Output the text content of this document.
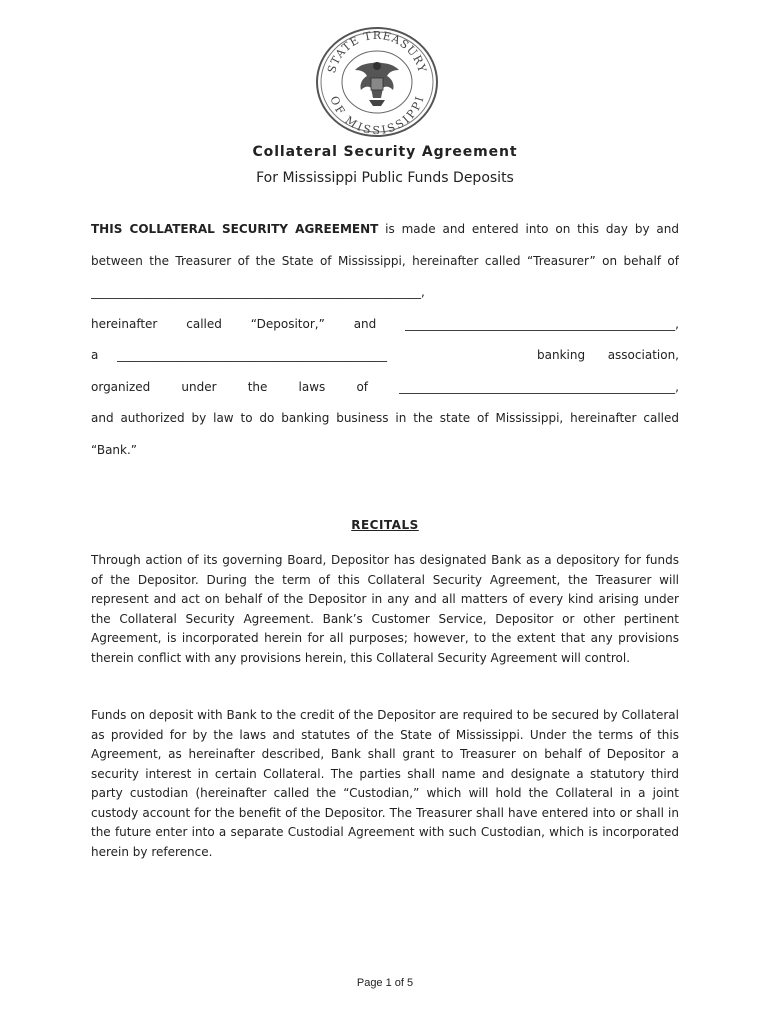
STATE TREASURY
OF MISSISSIPPI
Collateral Security Agreement
For Mississippi Public Funds Deposits
THIS COLLATERAL SECURITY AGREEMENT is made and entered into on this day by and
between the Treasurer of the State of Mississippi, hereinafter called “Treasurer” on behalf of
_______________________________________________________,
hereinafter called “Depositor,” and _____________________________________________,
a	_____________________________________________	banking association,
organized under the laws of ______________________________________________,
and authorized by law to do banking business in the state of Mississippi, hereinafter called
“Bank.”
RECITALS
Through action of its governing Board, Depositor has designated Bank as a depository for funds of the Depositor. During the term of this Collateral Security Agreement, the Treasurer will represent and act on behalf of the Depositor in any and all matters of every kind arising under the Collateral Security Agreement. Bank’s Customer Service, Depositor or other pertinent Agreement, is incorporated herein for all purposes; however, to the extent that any provisions therein conflict with any provisions herein, this Collateral Security Agreement will control.
Funds on deposit with Bank to the credit of the Depositor are required to be secured by Collateral as provided for by the laws and statutes of the State of Mississippi. Under the terms of this Agreement, as hereinafter described, Bank shall grant to Treasurer on behalf of Depositor a security interest in certain Collateral. The parties shall name and designate a statutory third party custodian (hereinafter called the “Custodian,” which will hold the Collateral in a joint custody account for the benefit of the Depositor. The Treasurer shall have entered into or shall in the future enter into a separate Custodial Agreement with such Custodian, which is incorporated herein by reference.
Page 1 of 5
